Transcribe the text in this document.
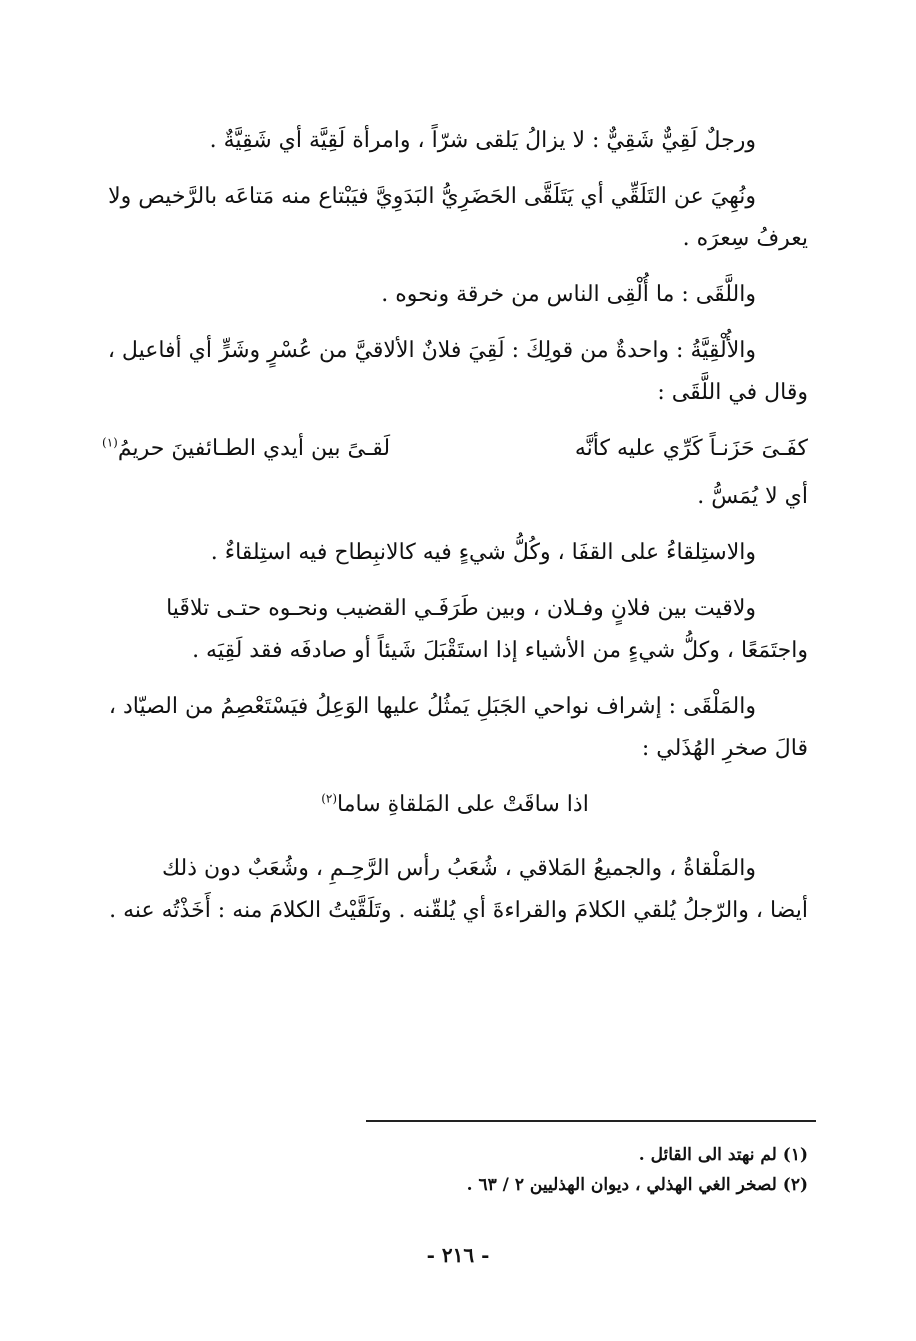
ورجلٌ لَقِيٌّ شَقِيٌّ : لا يزالُ يَلقى شرّاً ، وامرأة لَقِيَّة أي شَقِيَّةٌ .

ونُهِيَ عن التَلَقِّي أي يَتَلَقَّى الحَضَرِيُّ البَدَوِيَّ فيَبْتاع منه مَتاعَه بالرَّخيص ولا

يعرفُ سِعرَه .

واللَّقَى : ما أُلْقِى الناس من خرقة ونحوه .

والأُلْقِيَّةُ : واحدةٌ من قولِكَ : لَقِيَ فلانٌ الألاقيَّ من عُسْرٍ وشَرٍّ أي أفاعيل ،

وقال في اللَّقَى :

كفَـىَ حَزَنـاً كَرِّي عليه كأنَّه
لَقـىً بين أيدي الطـائفينَ حريمُ$^{(١)}$

أي لا يُمَسُّ .

والاستِلقاءُ على القفَا ، وكُلُّ شيءٍ فيه كالانبِطاح فيه استِلقاءٌ .

ولاقيت بين فلانٍ وفـلان ، وبين طَرَفَـي القضيب ونحـوه حتـى تلاقَيا

واجتَمَعًا ، وكلُّ شيءٍ من الأشياء إذا استَقْبَلَ شَيئاً أو صادفَه فقد لَقِيَه .

والمَلْقَى : إشراف نواحي الجَبَلِ يَمثُلُ عليها الوَعِلُ فيَسْتَعْصِمُ من الصيّاد ،

قالَ صخرِ الهُذَلي :

اذا ساقَتْ على المَلقاةِ ساما$^{(٢)}$

والمَلْقاةُ ، والجميعُ المَلاقي ، شُعَبُ رأس الرَّحِـمِ ، وشُعَبٌ دون ذلك

أيضا ، والرّجلُ يُلقي الكلامَ والقراءةَ أي يُلقّنه . وتَلَقَّيْتُ الكلامَ منه : أَخَذْتُه عنه .

(١) لم نهتد الى القائل .

(٢) لصخر الغي الهذلي ، ديوان الهذليين ٢ / ٦٣ .

- ٢١٦ -
